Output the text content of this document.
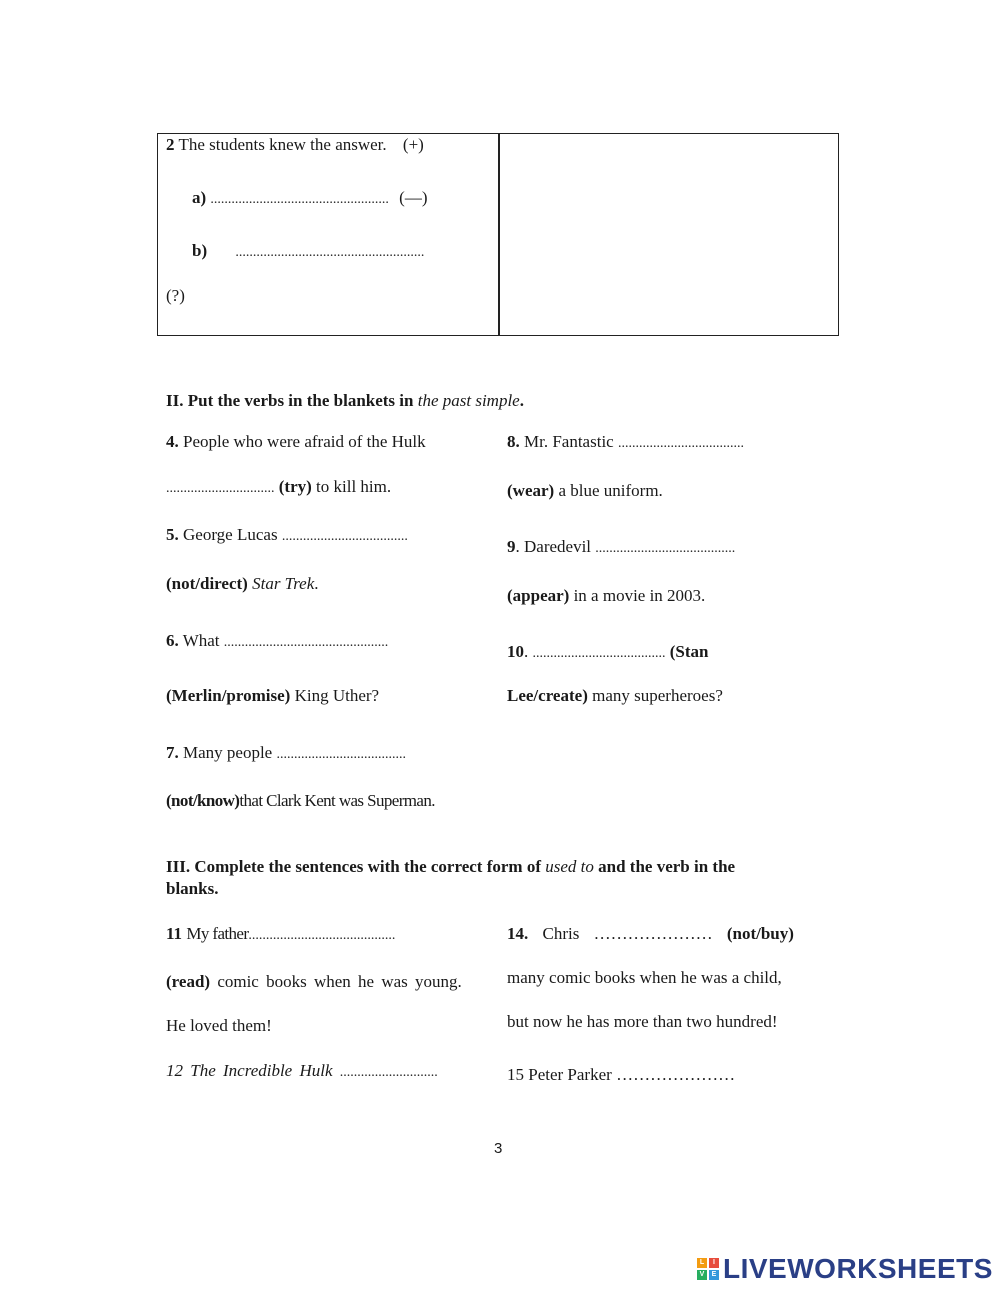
2 The students knew the answer. (+)
a) ................................................... (—)
b) ......................................................
(?)
II. Put the verbs in the blankets in the past simple.
4. People who were afraid of the Hulk
............................... (try) to kill him.
5. George Lucas ....................................
(not/direct) Star Trek.
6. What ...............................................
(Merlin/promise) King Uther?
7. Many people .....................................
(not/know)that Clark Kent was Superman.
8. Mr. Fantastic ....................................
(wear) a blue uniform.
9. Daredevil ........................................
(appear) in a movie in 2003.
10. ...................................... (Stan
Lee/create) many superheroes?
III. Complete the sentences with the correct form of used to and the verb in the
blanks.
11 My father..........................................
(read) comic books when he was young.
He loved them!
12 The Incredible Hulk ............................
14. Chris ………………… (not/buy)
many comic books when he was a child,
but now he has more than two hundred!
15 Peter Parker …………………
3
L	I
V	E LIVEWORKSHEETS
